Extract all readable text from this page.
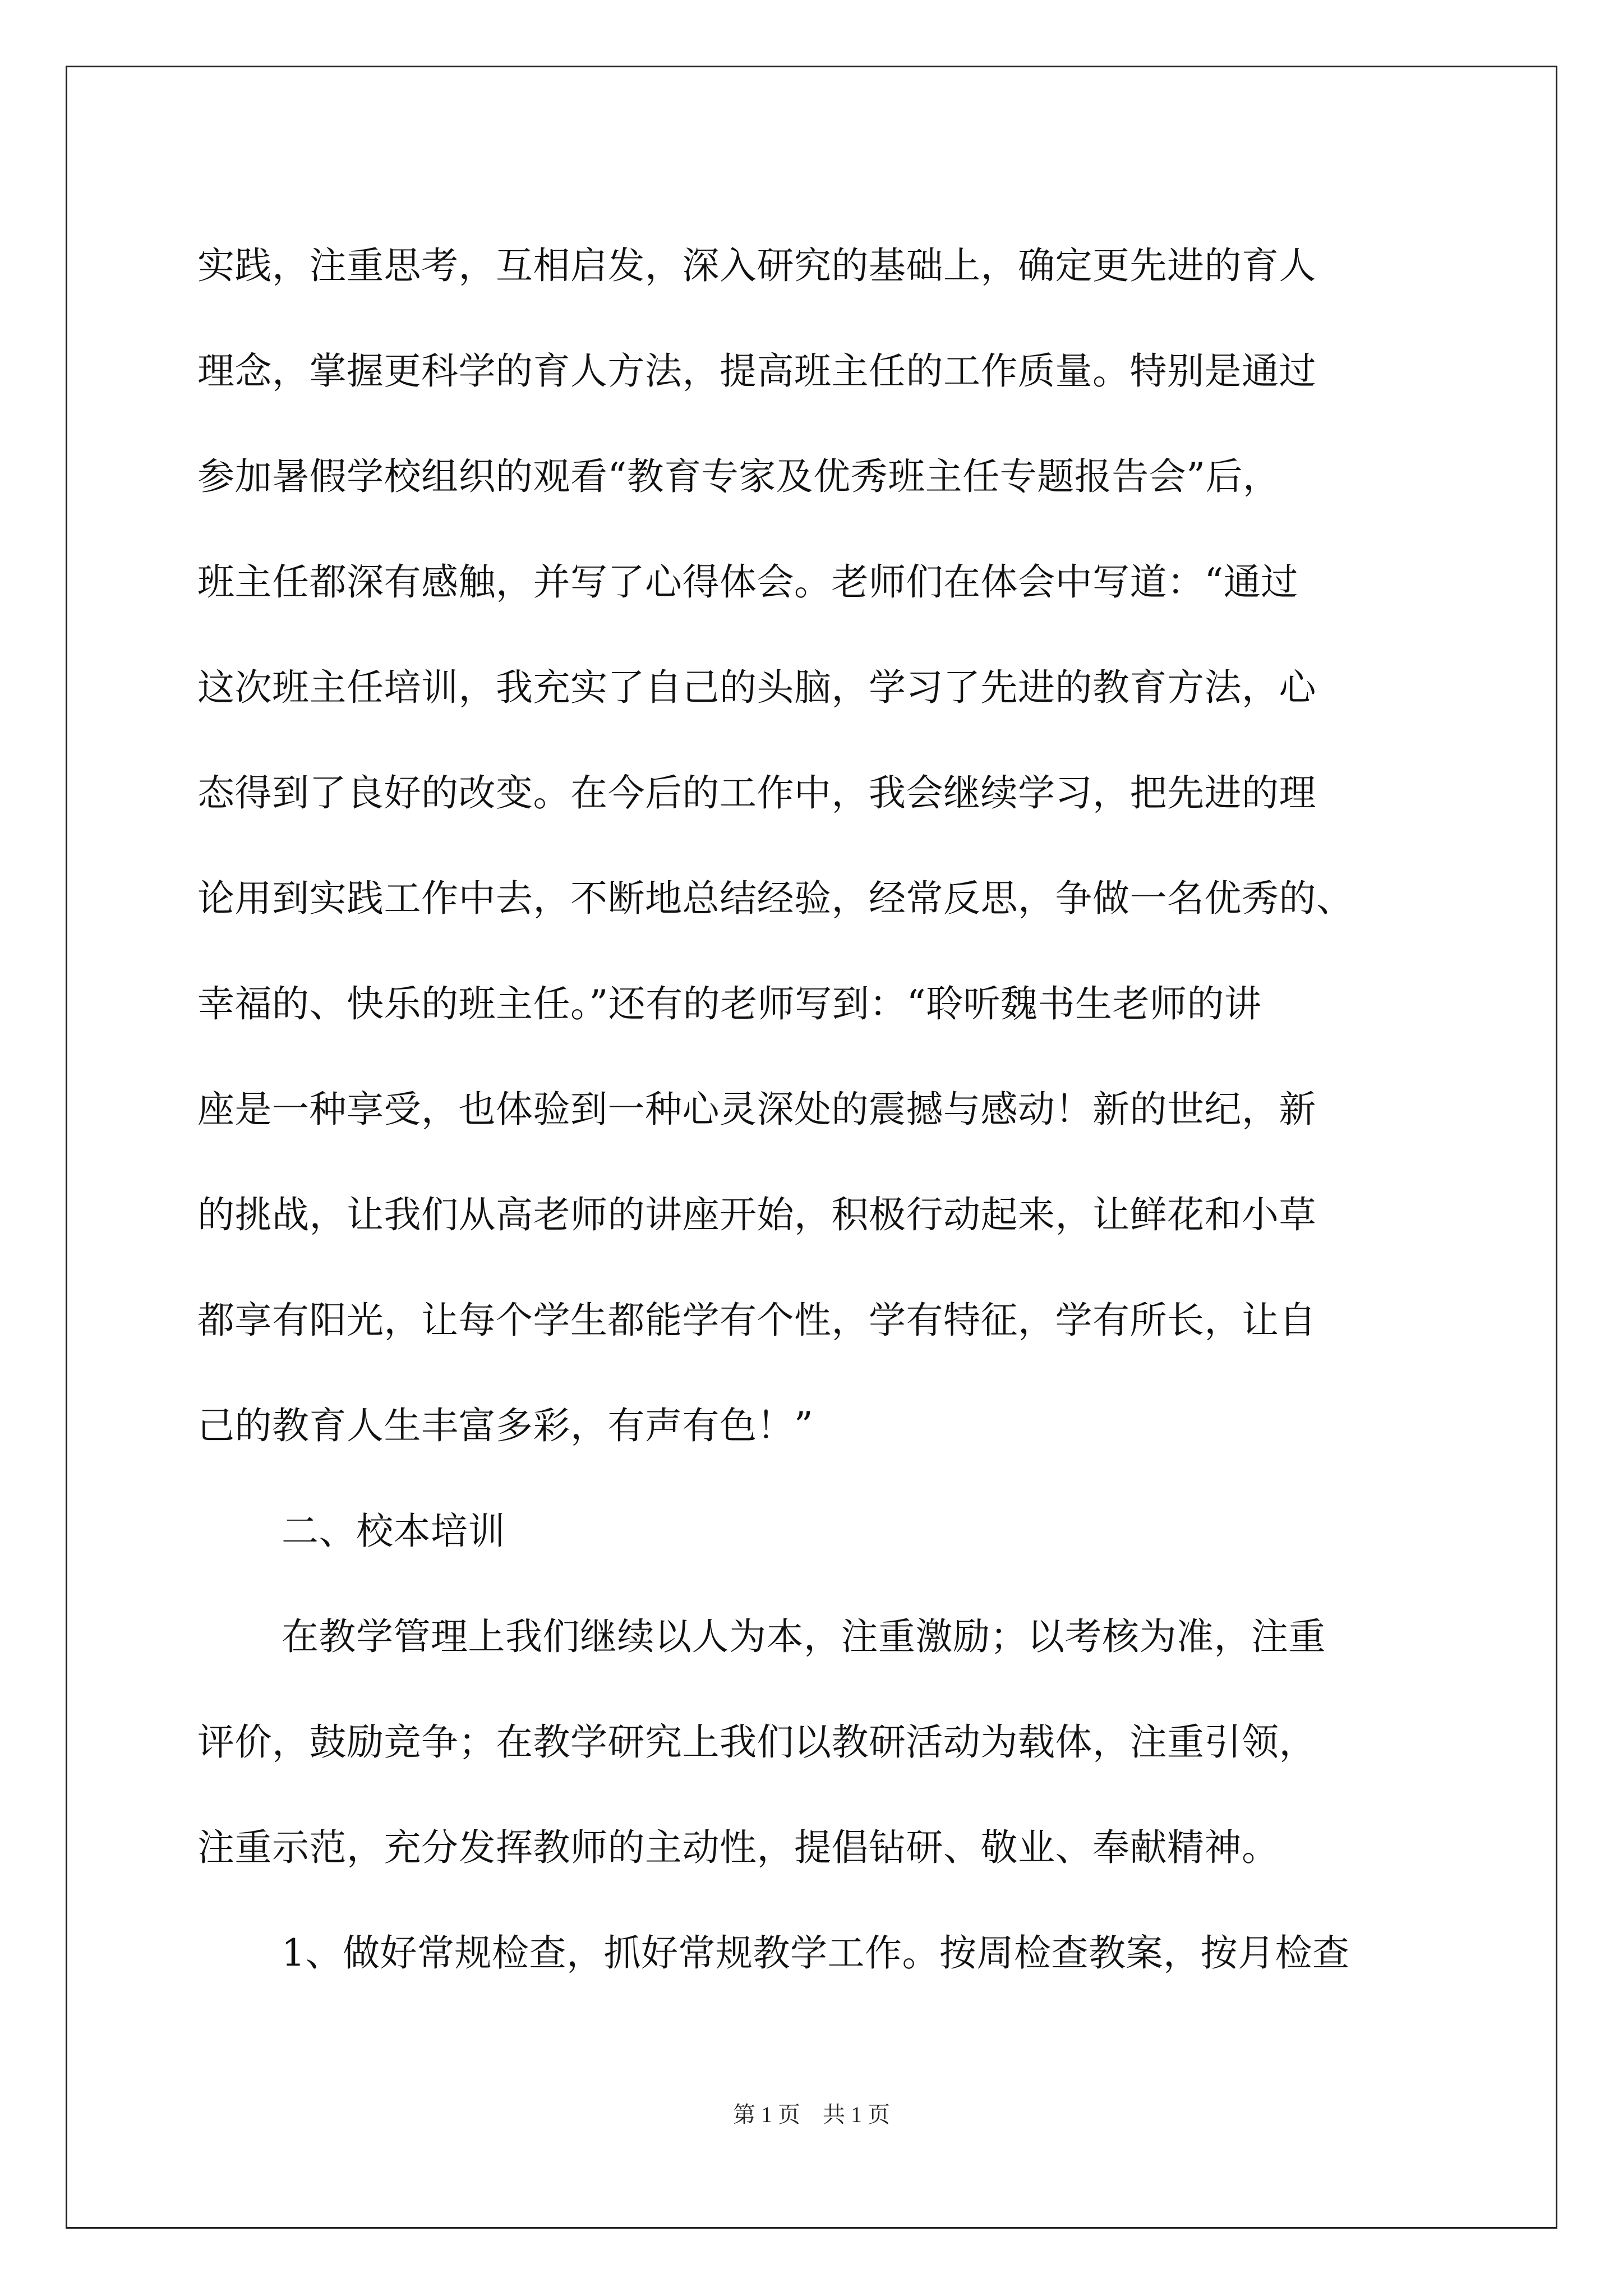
实践，注重思考，互相启发，深入研究的基础上，确定更先进的育人
理念，掌握更科学的育人方法，提高班主任的工作质量。特别是通过
参加暑假学校组织的观看“教育专家及优秀班主任专题报告会”后，
班主任都深有感触，并写了心得体会。老师们在体会中写道：“通过
这次班主任培训，我充实了自己的头脑，学习了先进的教育方法，心
态得到了良好的改变。在今后的工作中，我会继续学习，把先进的理
论用到实践工作中去，不断地总结经验，经常反思，争做一名优秀的、
幸福的、快乐的班主任。”还有的老师写到：“聆听魏书生老师的讲
座是一种享受，也体验到一种心灵深处的震撼与感动！新的世纪，新
的挑战，让我们从高老师的讲座开始，积极行动起来，让鲜花和小草
都享有阳光，让每个学生都能学有个性，学有特征，学有所长，让自
己的教育人生丰富多彩，有声有色！”
二、校本培训
在教学管理上我们继续以人为本，注重激励；以考核为准，注重
评价，鼓励竞争；在教学研究上我们以教研活动为载体，注重引领，
注重示范，充分发挥教师的主动性，提倡钻研、敬业、奉献精神。
1、做好常规检查，抓好常规教学工作。按周检查教案，按月检查
第 1 页　共 1 页
